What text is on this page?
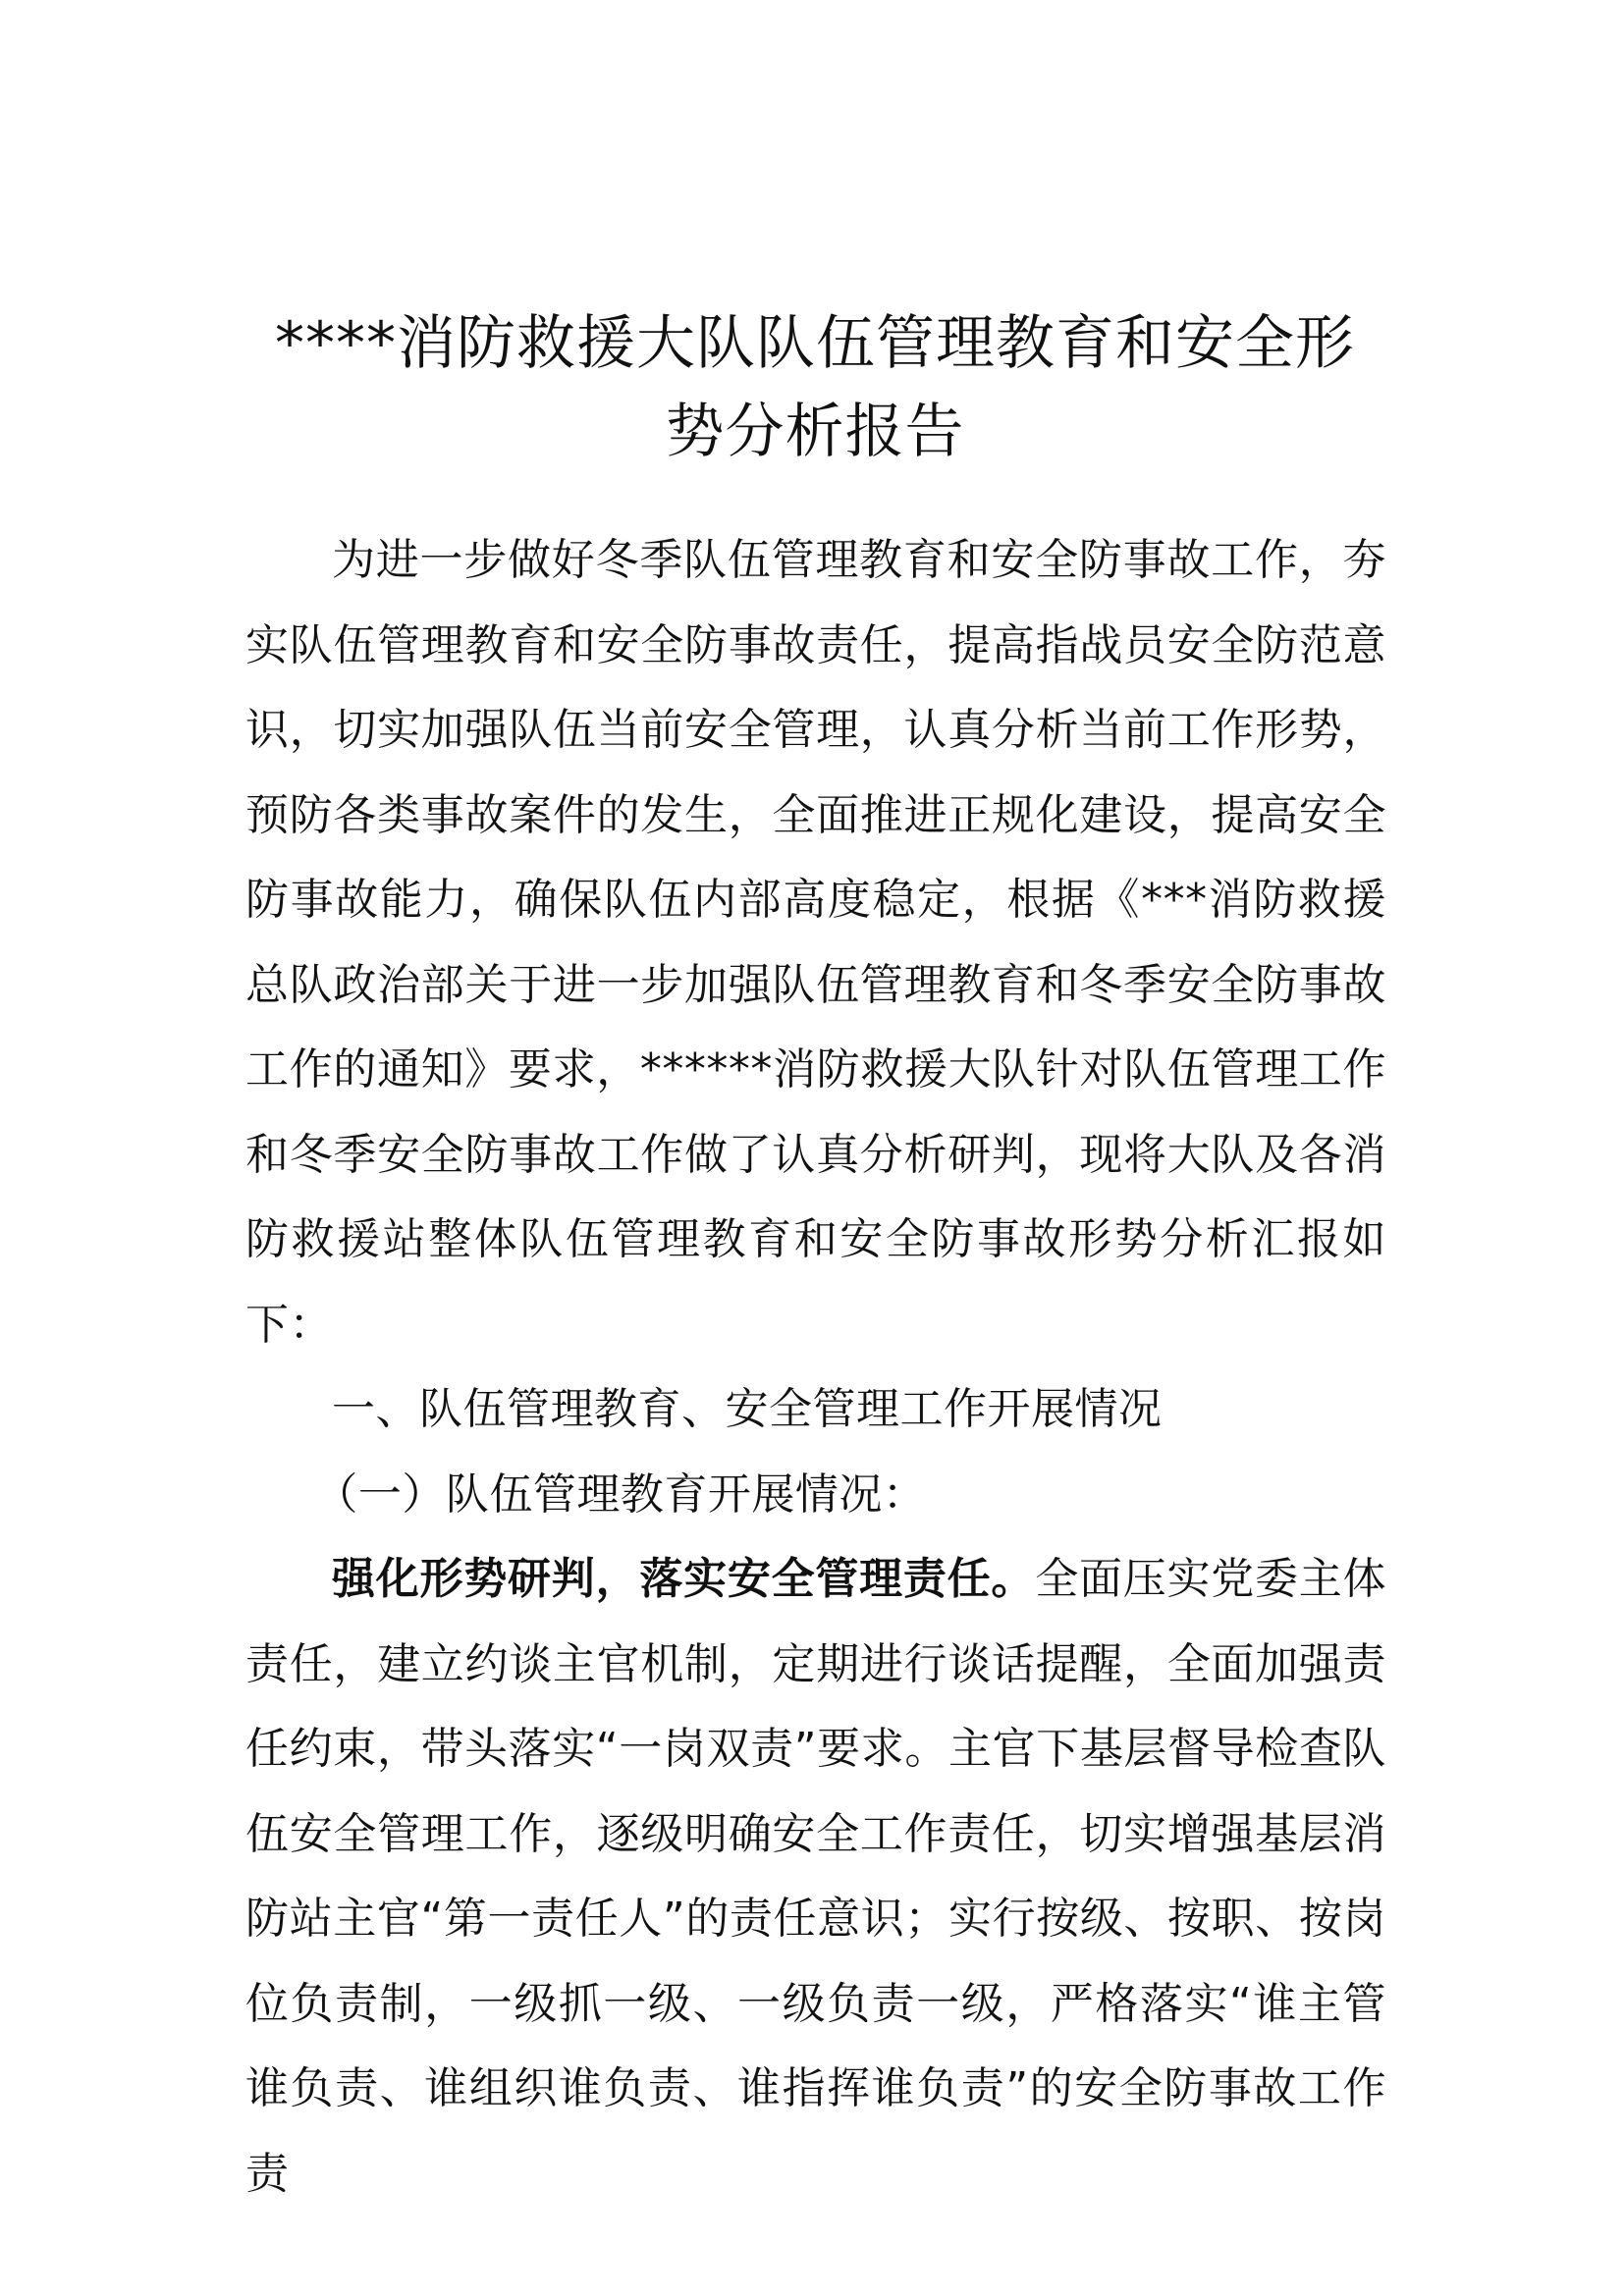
****消防救援大队队伍管理教育和安全形势分析报告

为进一步做好冬季队伍管理教育和安全防事故工作，夯实队伍管理教育和安全防事故责任，提高指战员安全防范意识，切实加强队伍当前安全管理，认真分析当前工作形势，预防各类事故案件的发生，全面推进正规化建设，提高安全防事故能力，确保队伍内部高度稳定，根据《***消防救援总队政治部关于进一步加强队伍管理教育和冬季安全防事故工作的通知》要求，******消防救援大队针对队伍管理工作和冬季安全防事故工作做了认真分析研判，现将大队及各消防救援站整体队伍管理教育和安全防事故形势分析汇报如下：

一、队伍管理教育、安全管理工作开展情况

（一）队伍管理教育开展情况：

强化形势研判，落实安全管理责任。全面压实党委主体责任，建立约谈主官机制，定期进行谈话提醒，全面加强责任约束，带头落实“一岗双责”要求。主官下基层督导检查队伍安全管理工作，逐级明确安全工作责任，切实增强基层消防站主官“第一责任人”的责任意识；实行按级、按职、按岗位负责制，一级抓一级、一级负责一级，严格落实“谁主管谁负责、谁组织谁负责、谁指挥谁负责”的安全防事故工作责
